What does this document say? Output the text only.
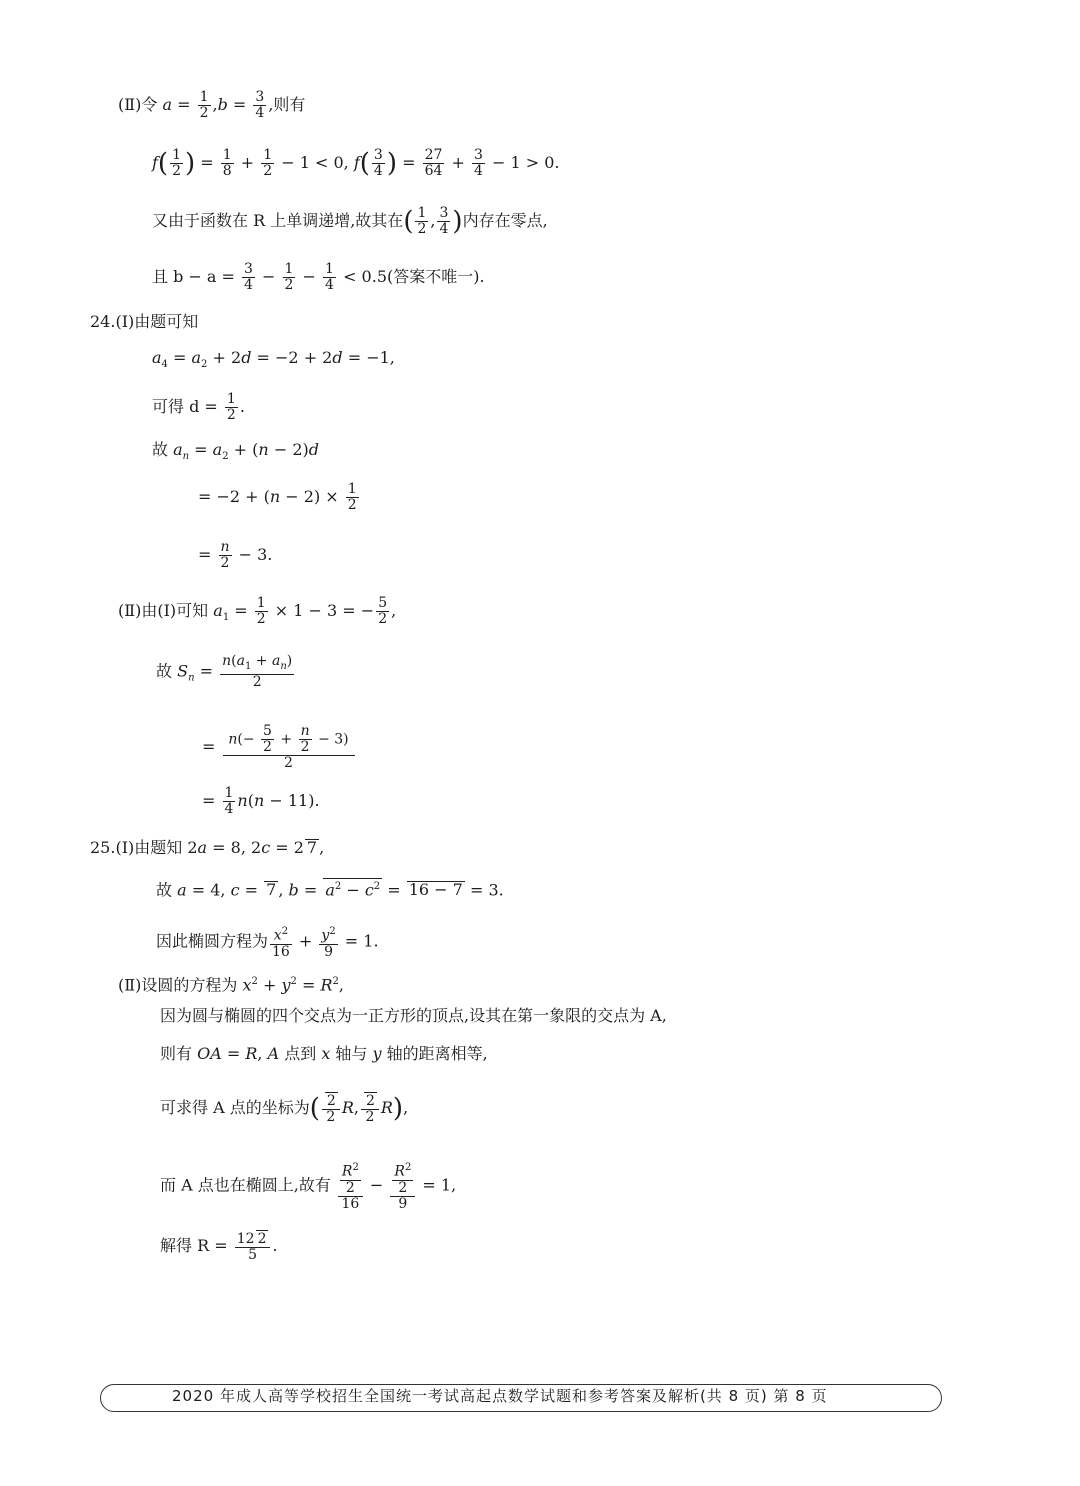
(Ⅱ)令 $a = \frac{1}{2} ,b = \frac{3}{4}$ ,则有
$f( \frac{1}{2}$ ) = $\frac{1}{8} + \frac{1}{2} - 1 < 0$, $f( \frac{3}{4}$ ) = $\frac{27}{64} + \frac{3}{4} - 1 > 0$.
又由于函数在 R 上单调递增,故其在( $\frac{1}{2}$ , $\frac{3}{4}$ )内存在零点,
且 $b - a = \frac{3}{4} - \frac{1}{2} - \frac{1}{4} < 0.5$(答案不唯一).
24.(Ⅰ)由题可知
$a_4 = a_2 + 2d = -2 + 2d = -1$,
可得 $d = \frac{1}{2}$ .
故 $a_n = a_2 + (n - 2)d$
= $-2 + (n - 2) \times \frac{1}{2}$
= $\frac{n}{2} - 3$.
(Ⅱ)由(Ⅰ)可知 $a_1 = \frac{1}{2} \times 1 - 3$ = − $\frac{5}{2}$ ,
故 $S_n = \frac{n(a_1 + a_n)}{2}$
= $\frac{n(- \frac{5}{2} + \frac{n}{2} - 3)}{2}$
= $\frac{1}{4} n(n - 11)$.
25.(Ⅰ)由题知 2a = 8, 2c = 2 7 ,
故 a = 4, c = 7 , $b = a^2 - c^2 = 16 - 7 = 3$.
因此椭圆方程为 $\frac{x^2}{16} + \frac{y^2}{9} = 1$.
(Ⅱ)设圆的方程为 $x^2 + y^2 = R^2$,
因为圆与椭圆的四个交点为一正方形的顶点,设其在第一象限的交点为 A,
则有 OA = R, A 点到 x 轴与 y 轴的距离相等,
可求得 A 点的坐标为( $\frac{2}{2} R$, $\frac{2}{2} R$),
而 A 点也在椭圆上,故有 $\frac{\frac{R^2}{2}}{16} - \frac{\frac{R^2}{2}}{9} = 1$,
解得 $R = \frac{12 2}{5}$ .
2020 年成人高等学校招生全国统一考试高起点数学试题和参考答案及解析(共 8 页) 第 8 页
